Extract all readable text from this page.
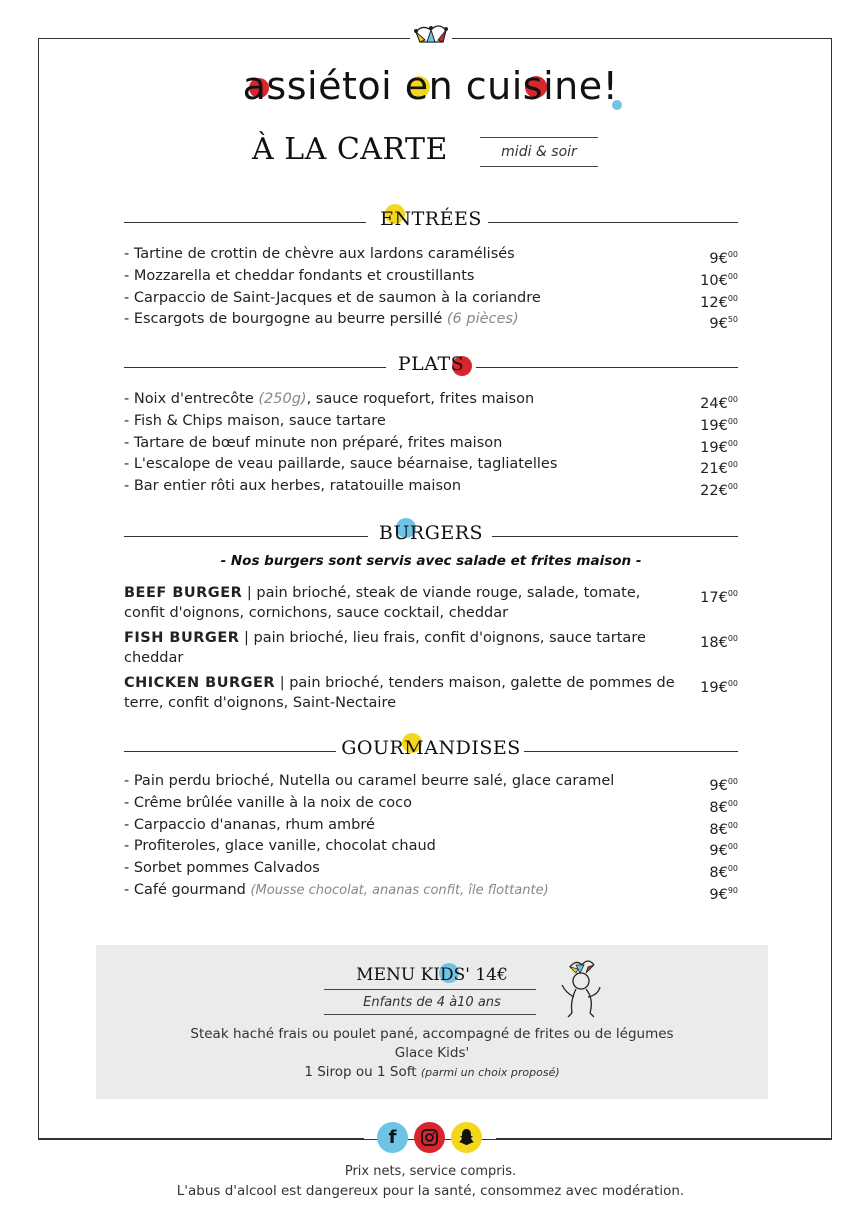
assiétoi en cuisine!
À LA CARTE	midi & soir
ENTRÉES
- Tartine de crottin de chèvre aux lardons caramélisés	9€$^{00}$
- Mozzarella et cheddar fondants et croustillants	10€$^{00}$
- Carpaccio de Saint-Jacques et de saumon à la coriandre	12€$^{00}$
- Escargots de bourgogne au beurre persillé (6 pièces)	9€$^{50}$
PLATS
- Noix d'entrecôte (250g), sauce roquefort, frites maison	24€$^{00}$
- Fish & Chips maison, sauce tartare	19€$^{00}$
- Tartare de bœuf minute non préparé, frites maison	19€$^{00}$
- L'escalope de veau paillarde, sauce béarnaise, tagliatelles	21€$^{00}$
- Bar entier rôti aux herbes, ratatouille maison	22€$^{00}$
BURGERS
- Nos burgers sont servis avec salade et frites maison -
BEEF BURGER | pain brioché, steak de viande rouge, salade, tomate, confit d'oignons, cornichons, sauce cocktail, cheddar
17€$^{00}$
FISH BURGER | pain brioché, lieu frais, confit d'oignons, sauce tartare cheddar
18€$^{00}$
CHICKEN BURGER | pain brioché, tenders maison, galette de pommes de terre, confit d'oignons, Saint-Nectaire
19€$^{00}$
GOURMANDISES
- Pain perdu brioché, Nutella ou caramel beurre salé, glace caramel	9€$^{00}$
- Crême brûlée vanille à la noix de coco	8€$^{00}$
- Carpaccio d'ananas, rhum ambré	8€$^{00}$
- Profiteroles, glace vanille, chocolat chaud	9€$^{00}$
- Sorbet pommes Calvados	8€$^{00}$
- Café gourmand (Mousse chocolat, ananas confit, île flottante)	9€$^{90}$
MENU KIDS' 14€
Enfants de 4 à10 ans
Steak haché frais ou poulet pané, accompagné de frites ou de légumes
Glace Kids'
1 Sirop ou 1 Soft (parmi un choix proposé)
f
Prix nets, service compris.
L'abus d'alcool est dangereux pour la santé, consommez avec modération.
